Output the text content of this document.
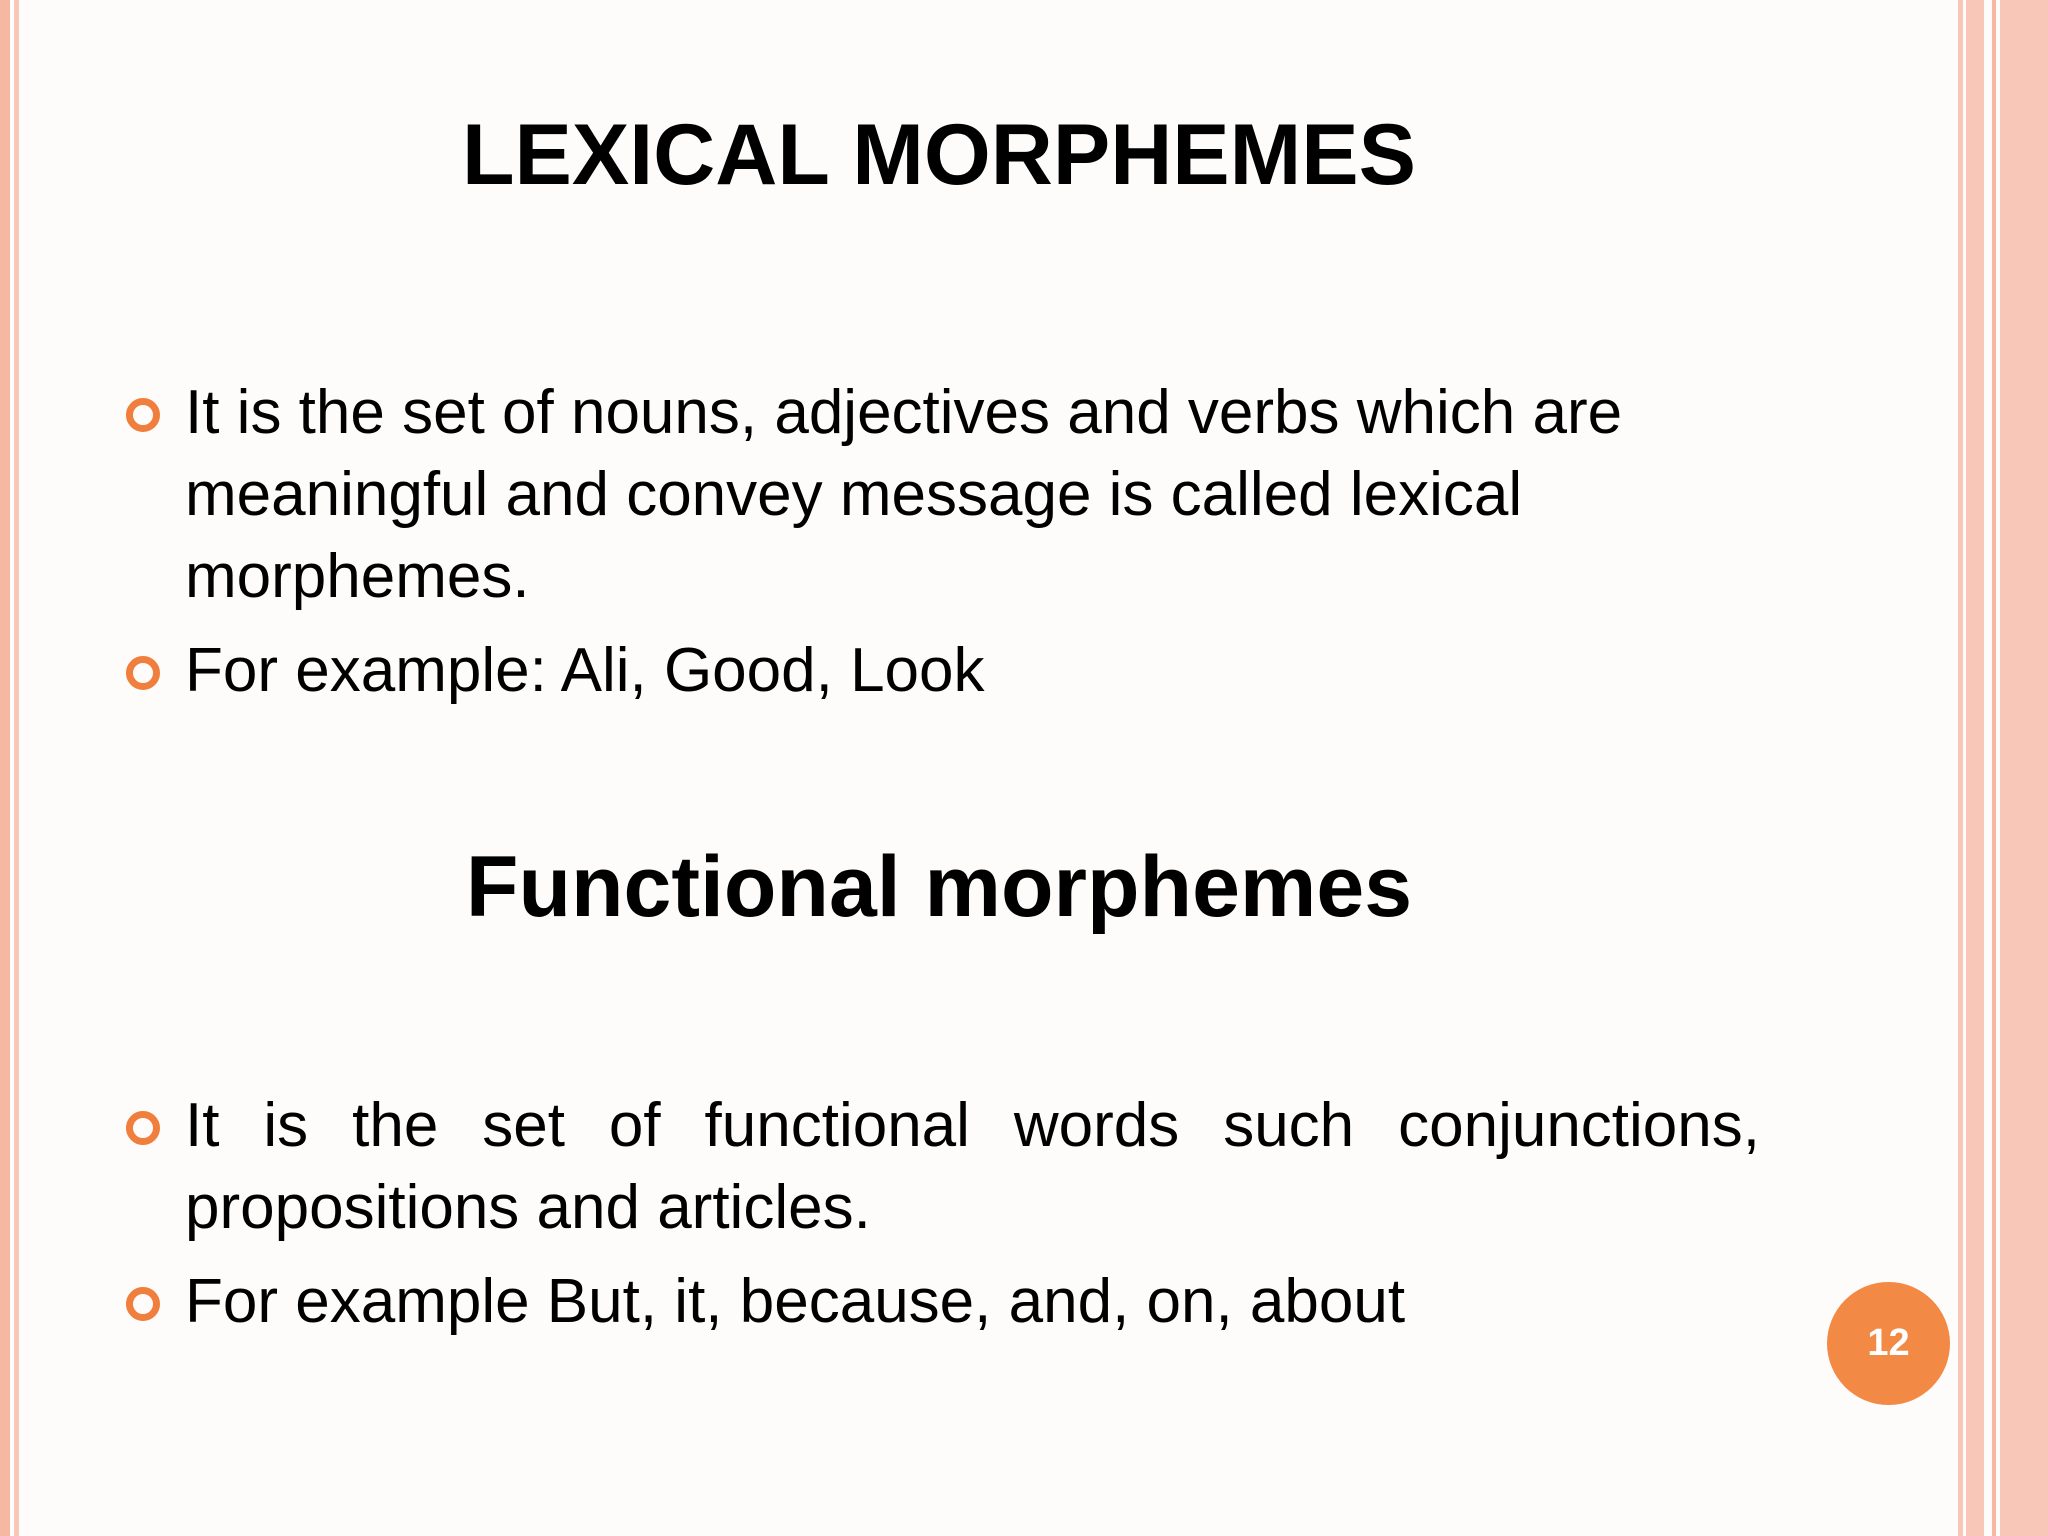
LEXICAL MORPHEMES
It is the set of nouns, adjectives and verbs which are meaningful and convey message is called lexical morphemes.
For example: Ali, Good, Look
Functional morphemes
It is the set of functional words such conjunctions, propositions and articles.
For example But, it, because, and, on, about
12
